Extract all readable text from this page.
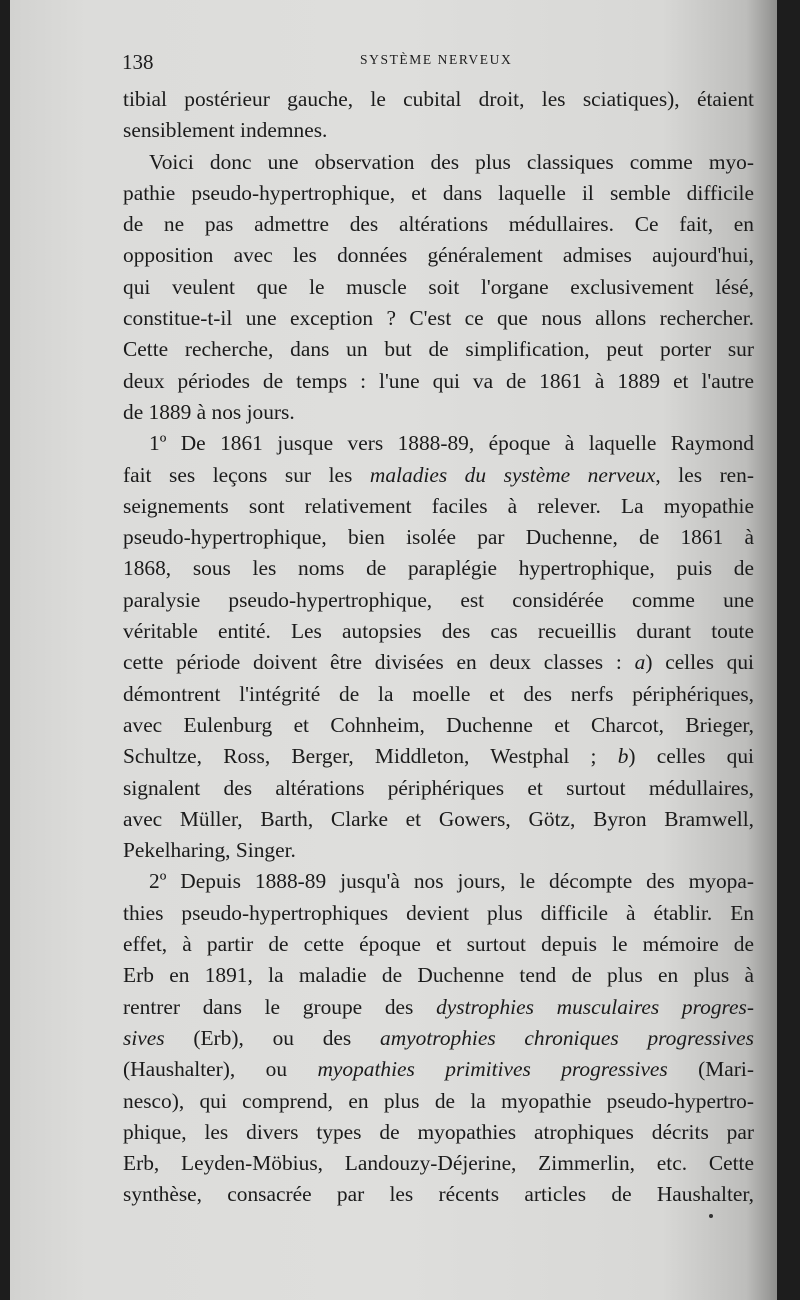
138	SYSTÈME NERVEUX
tibial postérieur gauche, le cubital droit, les sciatiques), étaient
sensiblement indemnes.
Voici donc une observation des plus classiques comme myo-
pathie pseudo-hypertrophique, et dans laquelle il semble difficile
de ne pas admettre des altérations médullaires. Ce fait, en
opposition avec les données généralement admises aujourd'hui,
qui veulent que le muscle soit l'organe exclusivement lésé,
constitue-t-il une exception ? C'est ce que nous allons rechercher.
Cette recherche, dans un but de simplification, peut porter sur
deux périodes de temps : l'une qui va de 1861 à 1889 et l'autre
de 1889 à nos jours.
1º De 1861 jusque vers 1888-89, époque à laquelle Raymond
fait ses leçons sur les maladies du système nerveux, les ren-
seignements sont relativement faciles à relever. La myopathie
pseudo-hypertrophique, bien isolée par Duchenne, de 1861 à
1868, sous les noms de paraplégie hypertrophique, puis de
paralysie pseudo-hypertrophique, est considérée comme une
véritable entité. Les autopsies des cas recueillis durant toute
cette période doivent être divisées en deux classes : a) celles qui
démontrent l'intégrité de la moelle et des nerfs périphériques,
avec Eulenburg et Cohnheim, Duchenne et Charcot, Brieger,
Schultze, Ross, Berger, Middleton, Westphal ; b) celles qui
signalent des altérations périphériques et surtout médullaires,
avec Müller, Barth, Clarke et Gowers, Götz, Byron Bramwell,
Pekelharing, Singer.
2º Depuis 1888-89 jusqu'à nos jours, le décompte des myopa-
thies pseudo-hypertrophiques devient plus difficile à établir. En
effet, à partir de cette époque et surtout depuis le mémoire de
Erb en 1891, la maladie de Duchenne tend de plus en plus à
rentrer dans le groupe des dystrophies musculaires progres-
sives (Erb), ou des amyotrophies chroniques progressives
(Haushalter), ou myopathies primitives progressives (Mari-
nesco), qui comprend, en plus de la myopathie pseudo-hypertro-
phique, les divers types de myopathies atrophiques décrits par
Erb, Leyden-Möbius, Landouzy-Déjerine, Zimmerlin, etc. Cette
synthèse, consacrée par les récents articles de Haushalter,
